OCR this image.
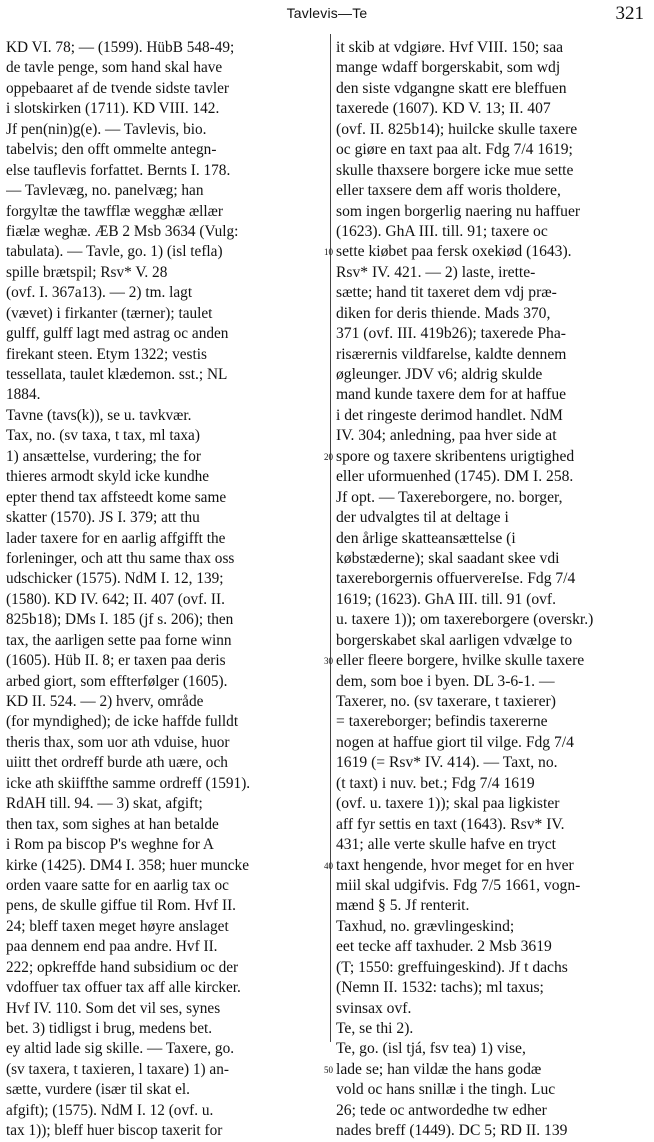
Tavlevis—Te	321
KD VI. 78; — (1599). HübB 548-49;
de tavle penge, som hand skal have
oppebaaret af de tvende sidste tavler
i slotskirken (1711). KD VIII. 142.
Jf pen(nin)g(e). — Tavlevis, bio.
tabelvis; den offt ommelte antegn-
else tauflevis forfattet. Bernts I. 178.
— Tavlevæg, no. panelvæg; han
forgyltæ the tawfflæ wegghæ ællær
fiælæ weghæ. ÆB 2 Msb 3634 (Vulg:
tabulata). — Tavle, go. 1) (isl tefla)
spille brætspil; Rsv* V. 28
(ovf. I. 367a13). — 2) tm. lagt
(vævet) i firkanter (tærner); taulet
gulff, gulff lagt med astrag oc anden
firekant steen. Etym 1322; vestis
tessellata, taulet klædemon. sst.; NL
1884.
Tavne (tavs(k)), se u. tavkvær.
Tax, no. (sv taxa, t tax, ml taxa)
1) ansættelse, vurdering; the for
thieres armodt skyld icke kundhe
epter thend tax affsteedt kome same
skatter (1570). JS I. 379; att thu
lader taxere for en aarlig affgifft the
forleninger, och att thu same thax oss
udschicker (1575). NdM I. 12, 139;
(1580). KD IV. 642; II. 407 (ovf. II.
825b18); DMs I. 185 (jf s. 206); then
tax, the aarligen sette paa forne winn
(1605). Hüb II. 8; er taxen paa deris
arbed giort, som effterfølger (1605).
KD II. 524. — 2) hverv, område
(for myndighed); de icke haffde fulldt
theris thax, som uor ath vduise, huor
uiitt thet ordreff burde ath uære, och
icke ath skiiffthe samme ordreff (1591).
RdAH till. 94. — 3) skat, afgift;
then tax, som sighes at han betalde
i Rom pa biscop P's weghne for A
kirke (1425). DM4 I. 358; huer muncke
orden vaare satte for en aarlig tax oc
pens, de skulle giffue til Rom. Hvf II.
24; bleff taxen meget høyre anslaget
paa dennem end paa andre. Hvf II.
222; opkreffde hand subsidium oc der
vdoffuer tax offuer tax aff alle kircker.
Hvf IV. 110. Som det vil ses, synes
bet. 3) tidligst i brug, medens bet.
ey altid lade sig skille. — Taxere, go.
(sv taxera, t taxieren, l taxare) 1) an-
sætte, vurdere (især til skat el.
afgift); (1575). NdM I. 12 (ovf. u.
tax 1)); bleff huer biscop taxerit for
10
20
30
40
50
it skib at vdgiøre. Hvf VIII. 150; saa
mange wdaff borgerskabit, som wdj
den siste vdgangne skatt ere bleffuen
taxerede (1607). KD V. 13; II. 407
(ovf. II. 825b14); huilcke skulle taxere
oc giøre en taxt paa alt. Fdg 7/4 1619;
skulle thaxsere borgere icke mue sette
eller taxsere dem aff woris tholdere,
som ingen borgerlig naering nu haffuer
(1623). GhA III. till. 91; taxere oc
sette kiøbet paa fersk oxekiød (1643).
Rsv* IV. 421. — 2) laste, irette-
sætte; hand tit taxeret dem vdj præ-
diken for deris thiende. Mads 370,
371 (ovf. III. 419b26); taxerede Pha-
risærernis vildfarelse, kaldte dennem
øgleunger. JDV v6; aldrig skulde
mand kunde taxere dem for at haffue
i det ringeste derimod handlet. NdM
IV. 304; anledning, paa hver side at
spore og taxere skribentens urigtighed
eller uformuenhed (1745). DM I. 258.
Jf opt. — Taxereborgere, no. borger,
der udvalgtes til at deltage i
den årlige skatteansættelse (i
købstæderne); skal saadant skee vdi
taxereborgernis offuervereIse. Fdg 7/4
1619; (1623). GhA III. till. 91 (ovf.
u. taxere 1)); om taxereborgere (overskr.)
borgerskabet skal aarligen vdvælge to
eller fleere borgere, hvilke skulle taxere
dem, som boe i byen. DL 3-6-1. —
Taxerer, no. (sv taxerare, t taxierer)
= taxereborger; befindis taxererne
nogen at haffue giort til vilge. Fdg 7/4
1619 (= Rsv* IV. 414). — Taxt, no.
(t taxt) i nuv. bet.; Fdg 7/4 1619
(ovf. u. taxere 1)); skal paa ligkister
aff fyr settis en taxt (1643). Rsv* IV.
431; alle verte skulle hafve en tryct
taxt hengende, hvor meget for en hver
miil skal udgifvis. Fdg 7/5 1661, vogn-
mænd § 5. Jf renterit.
Taxhud, no. grævlingeskind;
eet tecke aff taxhuder. 2 Msb 3619
(T; 1550: greffuingeskind). Jf t dachs
(Nemn II. 1532: tachs); ml taxus;
svinsax ovf.
Te, se thi 2).
Te, go. (isl tjá, fsv tea) 1) vise,
lade se; han vildæ the hans godæ
vold oc hans snillæ i the tingh. Luc
26; tede oc antwordedhe tw edher
nades breff (1449). DC 5; RD II. 139
